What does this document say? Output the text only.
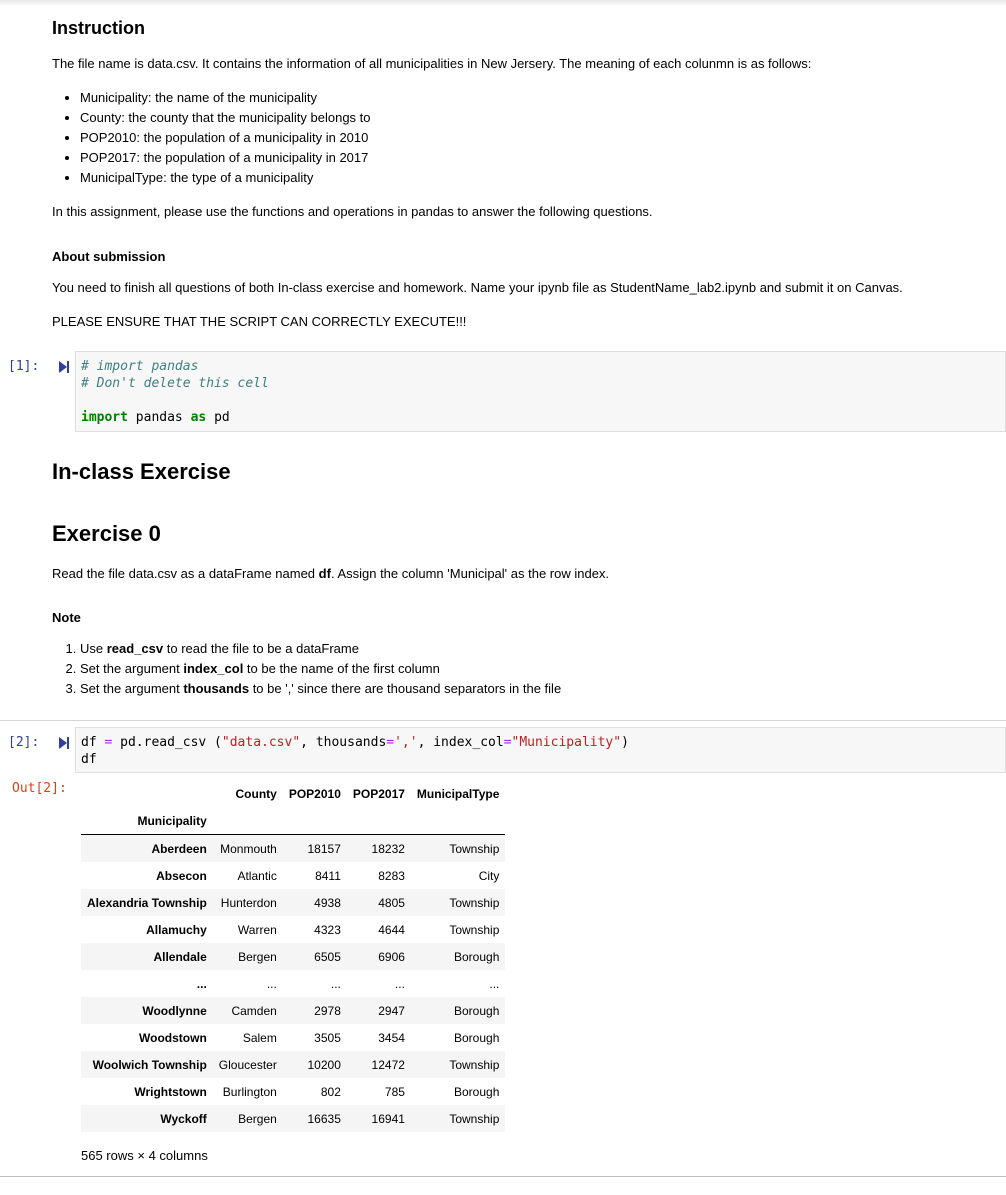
Instruction
The file name is data.csv. It contains the information of all municipalities in New Jersery. The meaning of each colunmn is as follows:
• Municipality: the name of the municipality
• County: the county that the municipality belongs to
• POP2010: the population of a municipality in 2010
• POP2017: the population of a municipality in 2017
• MunicipalType: the type of a municipality
In this assignment, please use the functions and operations in pandas to answer the following questions.
About submission
You need to finish all questions of both In-class exercise and homework. Name your ipynb file as StudentName_lab2.ipynb and submit it on Canvas.
PLEASE ENSURE THAT THE SCRIPT CAN CORRECTLY EXECUTE!!!
[1]:	# import pandas
# Don't delete this cell
import pandas as pd
In-class Exercise
Exercise 0
Read the file data.csv as a dataFrame named df. Assign the column 'Municipal' as the row index.
Note
1. Use read_csv to read the file to be a dataFrame
2. Set the argument index_col to be the name of the first column
3. Set the argument thousands to be ',' since there are thousand separators in the file
[2]:	df = pd.read_csv ("data.csv", thousands=',', index_col="Municipality")
df
Out[2]:
		County	POP2010	POP2017	MunicipalType
Municipality				
Aberdeen	Monmouth	18157	18232	Township
Absecon	Atlantic	8411	8283	City
Alexandria Township	Hunterdon	4938	4805	Township
Allamuchy	Warren	4323	4644	Township
Allendale	Bergen	6505	6906	Borough
...	...	...	...	...
Woodlynne	Camden	2978	2947	Borough
Woodstown	Salem	3505	3454	Borough
Woolwich Township	Gloucester	10200	12472	Township
Wrightstown	Burlington	802	785	Borough
Wyckoff	Bergen	16635	16941	Township
565 rows × 4 columns
